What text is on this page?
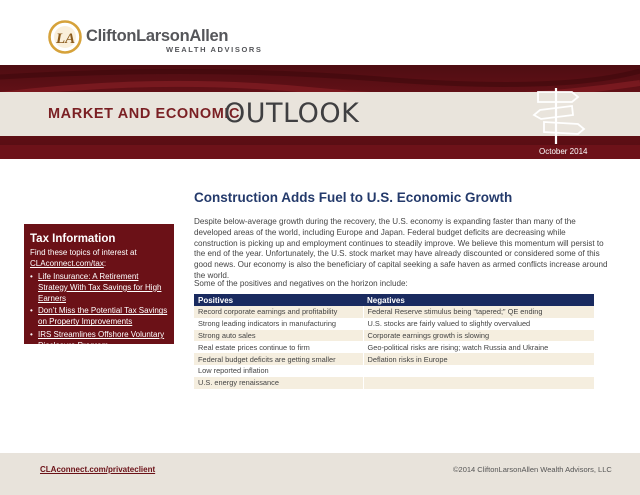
LA CliftonLarsonAllen
WEALTH ADVISORS
MARKET AND ECONOMIC
OUTLOOK
October 2014
Tax Information
Find these topics of interest at
CLAconnect.com/tax:
• Life Insurance: A Retirement Strategy With Tax Savings for High Earners
• Don’t Miss the Potential Tax Savings on Property Improvements
• IRS Streamlines Offshore Voluntary Disclosure Program
Construction Adds Fuel to U.S. Economic Growth

Despite below-average growth during the recovery, the U.S. economy is expanding faster than many of the developed areas of the world, including Europe and Japan. Federal budget deficits are decreasing while construction is picking up and employment continues to steadily improve. We believe this momentum will persist to the end of the year. Unfortunately, the U.S. stock market may have already discounted or considered some of this good news. Our economy is also the beneficiary of capital seeking a safe haven as armed conflicts increase around the world.

Some of the positives and negatives on the horizon include:

Positives	Negatives
Record corporate earnings and profitability	Federal Reserve stimulus being “tapered;” QE ending
Strong leading indicators in manufacturing	U.S. stocks are fairly valued to slightly overvalued
Strong auto sales	Corporate earnings growth is slowing
Real estate prices continue to firm	Geo-political risks are rising; watch Russia and Ukraine
Federal budget deficits are getting smaller	Deflation risks in Europe
Low reported inflation	
U.S. energy renaissance	
CLAconnect.com/privateclient	©2014 CliftonLarsonAllen Wealth Advisors, LLC
